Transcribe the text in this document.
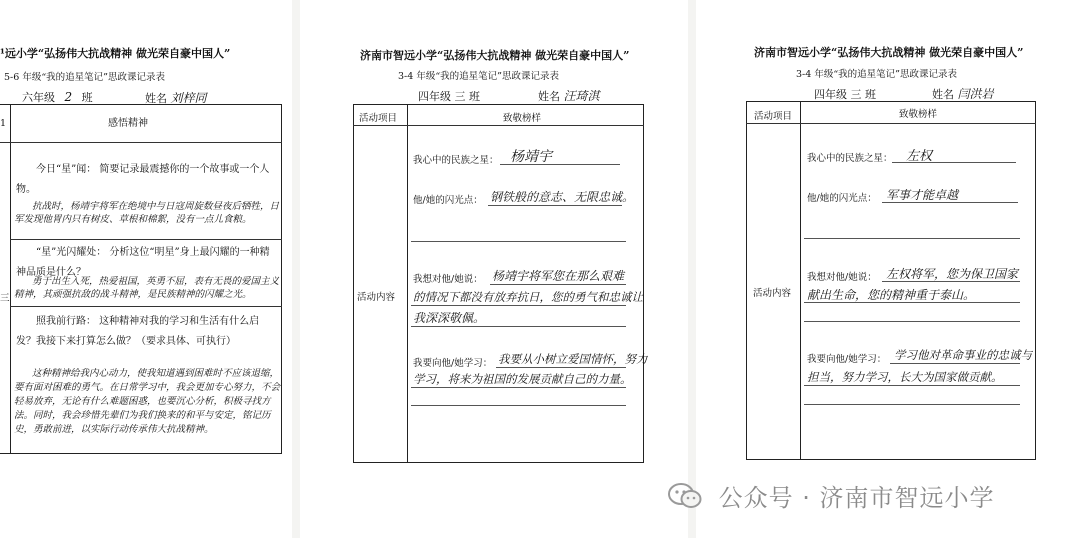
¹远小学“弘扬伟大抗战精神 做光荣自豪中国人”
5-6 年级“我的追星笔记”思政课记录表
六年级 2 班	姓名 刘梓同
1
三
感悟精神
今日“星”闻： 简要记录最震撼你的一个故事或一个人物。
抗战时，杨靖宇将军在绝境中与日寇周旋数昼夜后牺牲，日军发现他胃内只有树皮、草根和棉絮，没有一点儿食粮。
“星”光闪耀处： 分析这位“明星”身上最闪耀的一种精神品质是什么？
勇于出生入死，热爱祖国，英勇不屈，表有无畏的爱国主义精神，其顽强抗敌的战斗精神，是民族精神的闪耀之光。
照我前行路： 这种精神对我的学习和生活有什么启发？我接下来打算怎么做？（要求具体、可执行）
这种精神给我内心动力，使我知道遇到困难时不应该退缩，要有面对困难的勇气。在日常学习中，我会更加专心努力，不会轻易放弃，无论有什么难题困惑，也要沉心分析，积极寻找方法。同时，我会珍惜先辈们为我们换来的和平与安定，铭记历史，勇敢前进，以实际行动传承伟大抗战精神。
济南市智远小学“弘扬伟大抗战精神 做光荣自豪中国人”
3-4 年级“我的追星笔记”思政课记录表
四年级 三 班	姓名 汪琦淇
活动项目	致敬榜样
活动内容
我心中的民族之星： 杨靖宇
他/她的闪光点： 钢铁般的意志、无限忠诚。
我想对他/她说： 杨靖宇将军您在那么艰难
的情况下都没有放弃抗日，您的勇气和忠诚让
我深深敬佩。
我要向他/她学习： 我要从小树立爱国情怀，努力
学习，将来为祖国的发展贡献自己的力量。
济南市智远小学“弘扬伟大抗战精神 做光荣自豪中国人”
3-4 年级“我的追星笔记”思政课记录表
四年级 三 班	姓名 闫洪岩
活动项目	致敬榜样
活动内容
我心中的民族之星： 左权
他/她的闪光点： 军事才能卓越
我想对他/她说： 左权将军，您为保卫国家
献出生命，您的精神重于泰山。
我要向他/她学习： 学习他对革命事业的忠诚与
担当，努力学习，长大为国家做贡献。
公众号 · 济南市智远小学
